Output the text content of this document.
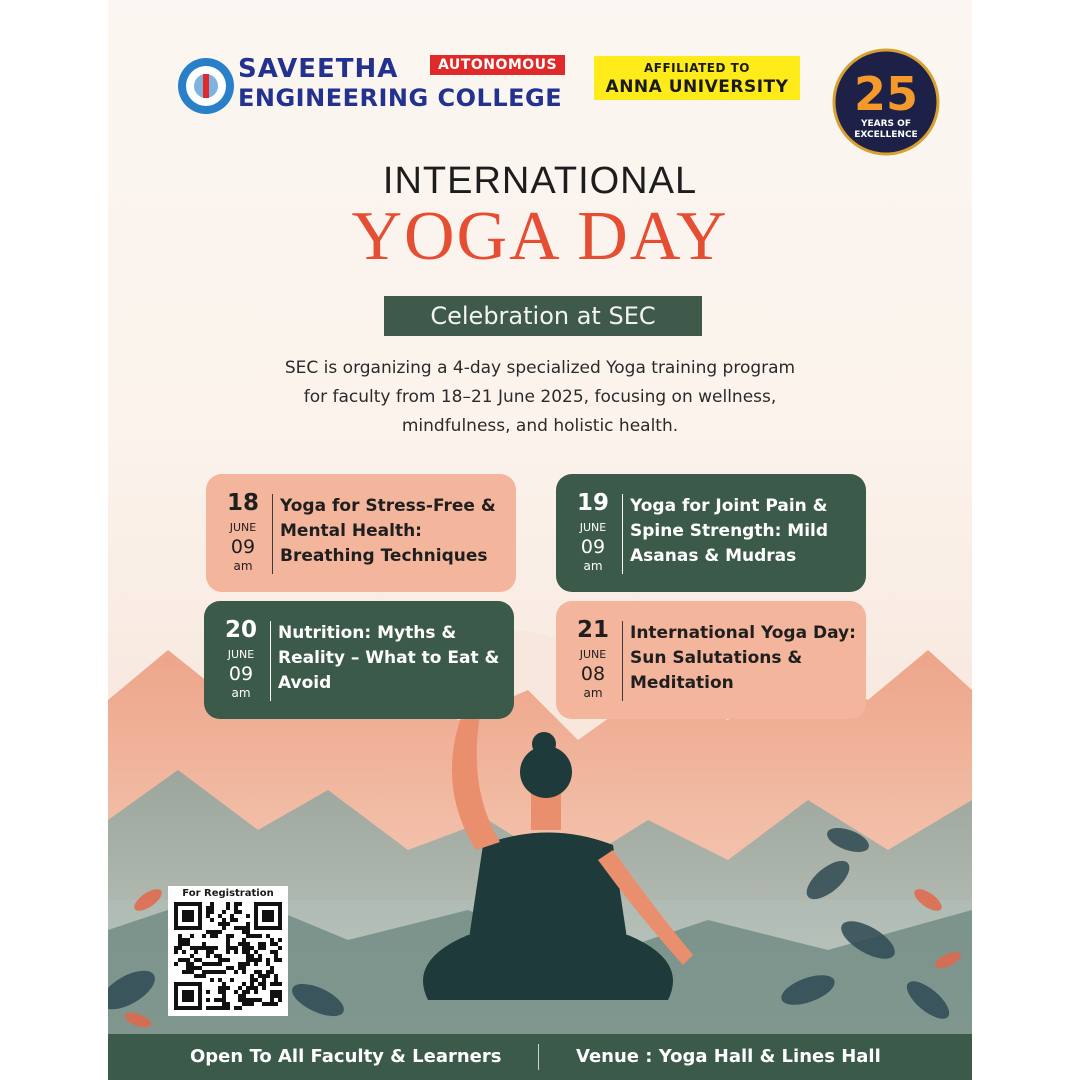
SAVEETHA
ENGINEERING COLLEGE
AUTONOMOUS	AFFILIATED TO
ANNA UNIVERSITY 25
YEARS OF
EXCELLENCE
INTERNATIONAL
YOGA DAY
Celebration at SEC
SEC is organizing a 4-day specialized Yoga training program for faculty from 18–21 June 2025, focusing on wellness, mindfulness, and holistic health.
18
JUNE
09
am
Yoga for Stress-Free & Mental Health: Breathing Techniques
19
JUNE
09
am
Yoga for Joint Pain & Spine Strength: Mild Asanas & Mudras
20
JUNE
09
am
Nutrition: Myths & Reality – What to Eat & Avoid
21
JUNE
08
am
International Yoga Day: Sun Salutations & Meditation
For Registration
Open To All Faculty & Learners	Venue : Yoga Hall & Lines Hall
